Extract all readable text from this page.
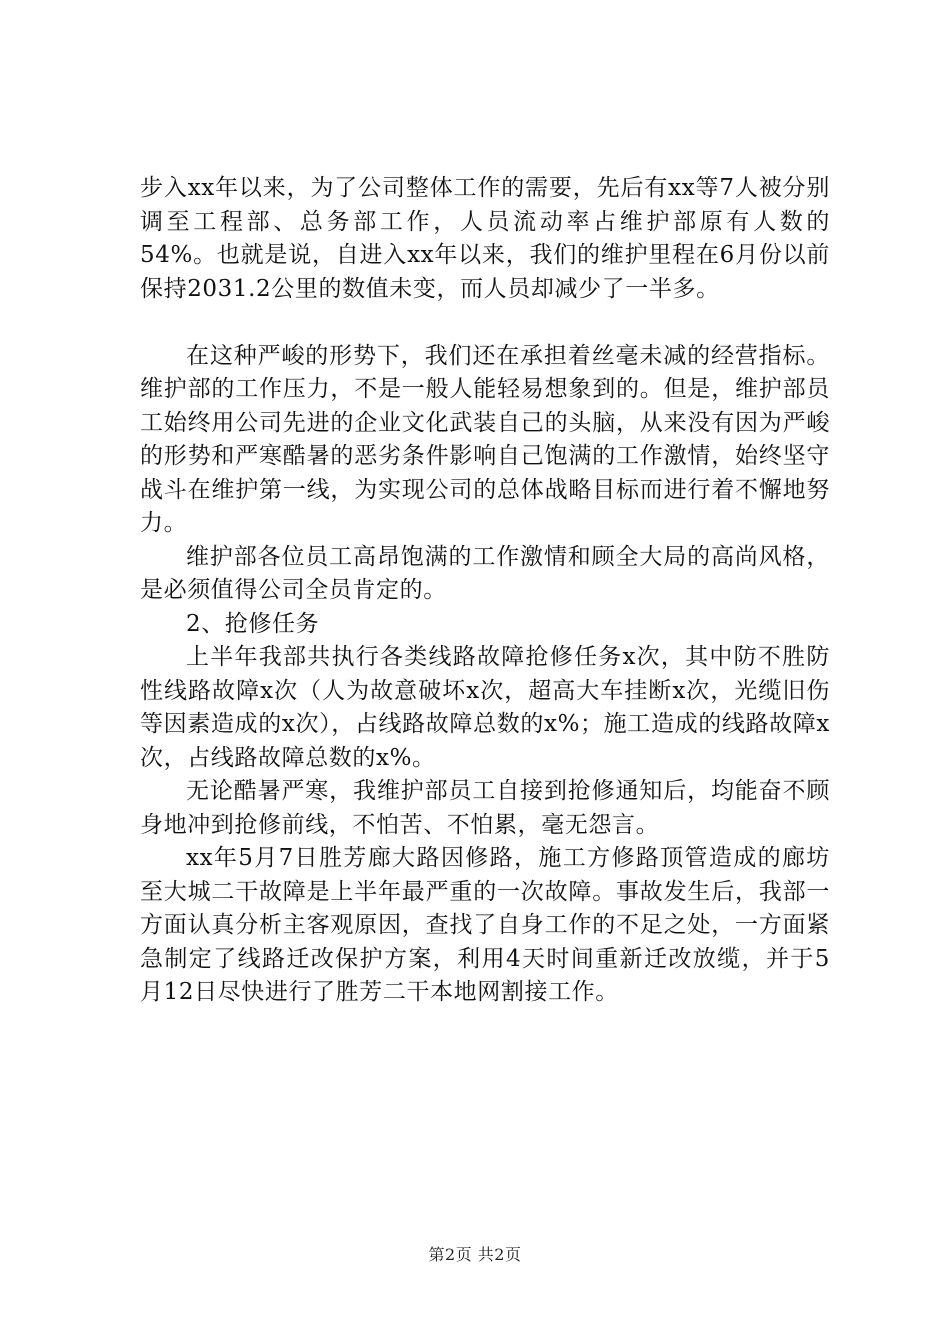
步入xx年以来，为了公司整体工作的需要，先后有xx等7人被分别调至工程部、总务部工作，人员流动率占维护部原有人数的54%。也就是说，自进入xx年以来，我们的维护里程在6月份以前保持2031.2公里的数值未变，而人员却减少了一半多。

在这种严峻的形势下，我们还在承担着丝毫未减的经营指标。维护部的工作压力，不是一般人能轻易想象到的。但是，维护部员工始终用公司先进的企业文化武装自己的头脑，从来没有因为严峻的形势和严寒酷暑的恶劣条件影响自己饱满的工作激情，始终坚守战斗在维护第一线，为实现公司的总体战略目标而进行着不懈地努力。

维护部各位员工高昂饱满的工作激情和顾全大局的高尚风格，是必须值得公司全员肯定的。

2、抢修任务

上半年我部共执行各类线路故障抢修任务x次，其中防不胜防性线路故障x次（人为故意破坏x次，超高大车挂断x次，光缆旧伤等因素造成的x次），占线路故障总数的x%；施工造成的线路故障x次，占线路故障总数的x%。

无论酷暑严寒，我维护部员工自接到抢修通知后，均能奋不顾身地冲到抢修前线，不怕苦、不怕累，毫无怨言。

xx年5月7日胜芳廊大路因修路，施工方修路顶管造成的廊坊至大城二干故障是上半年最严重的一次故障。事故发生后，我部一方面认真分析主客观原因，查找了自身工作的不足之处，一方面紧急制定了线路迁改保护方案，利用4天时间重新迁改放缆，并于5月12日尽快进行了胜芳二干本地网割接工作。

第2页 共2页
